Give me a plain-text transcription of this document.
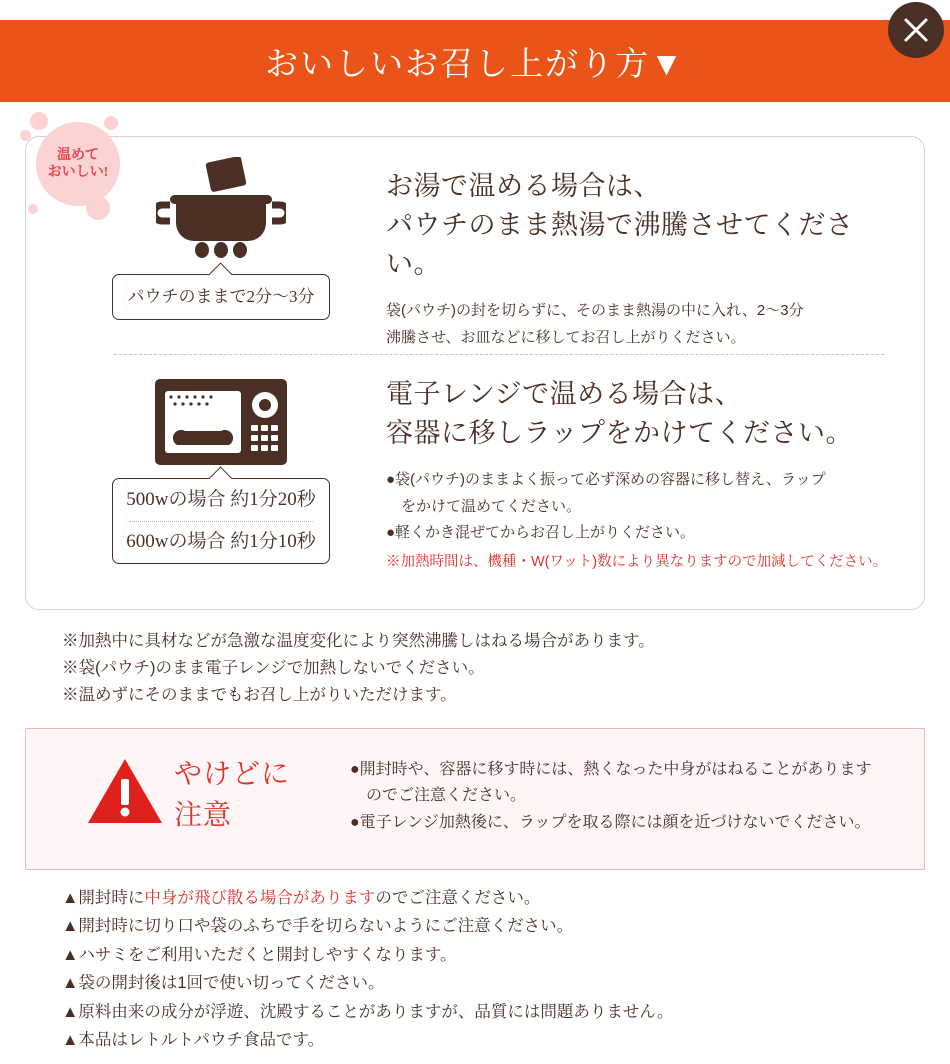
おいしいお召し上がり方▼
パウチのままで2分〜3分
お湯で温める場合は、
パウチのまま熱湯で沸騰させてください。
袋(パウチ)の封を切らずに、そのまま熱湯の中に入れ、2〜3分
沸騰させ、お皿などに移してお召し上がりください。
500wの場合 約1分20秒
600wの場合 約1分10秒
電子レンジで温める場合は、
容器に移しラップをかけてください。
●袋(パウチ)のままよく振って必ず深めの容器に移し替え、ラップ
　をかけて温めてください。
●軽くかき混ぜてからお召し上がりください。
※加熱時間は、機種・W(ワット)数により異なりますので加減してください。
温めて
おいしい!

※加熱中に具材などが急激な温度変化により突然沸騰しはねる場合があります。

※袋(パウチ)のまま電子レンジで加熱しないでください。

※温めずにそのままでもお召し上がりいただけます。

やけどに
注意
●開封時や、容器に移す時には、熱くなった中身がはねることがあります
　のでご注意ください。
●電子レンジ加熱後に、ラップを取る際には顔を近づけないでください。

▲開封時に中身が飛び散る場合がありますのでご注意ください。

▲開封時に切り口や袋のふちで手を切らないようにご注意ください。

▲ハサミをご利用いただくと開封しやすくなります。

▲袋の開封後は1回で使い切ってください。

▲原料由来の成分が浮遊、沈殿することがありますが、品質には問題ありません。

▲本品はレトルトパウチ食品です。
